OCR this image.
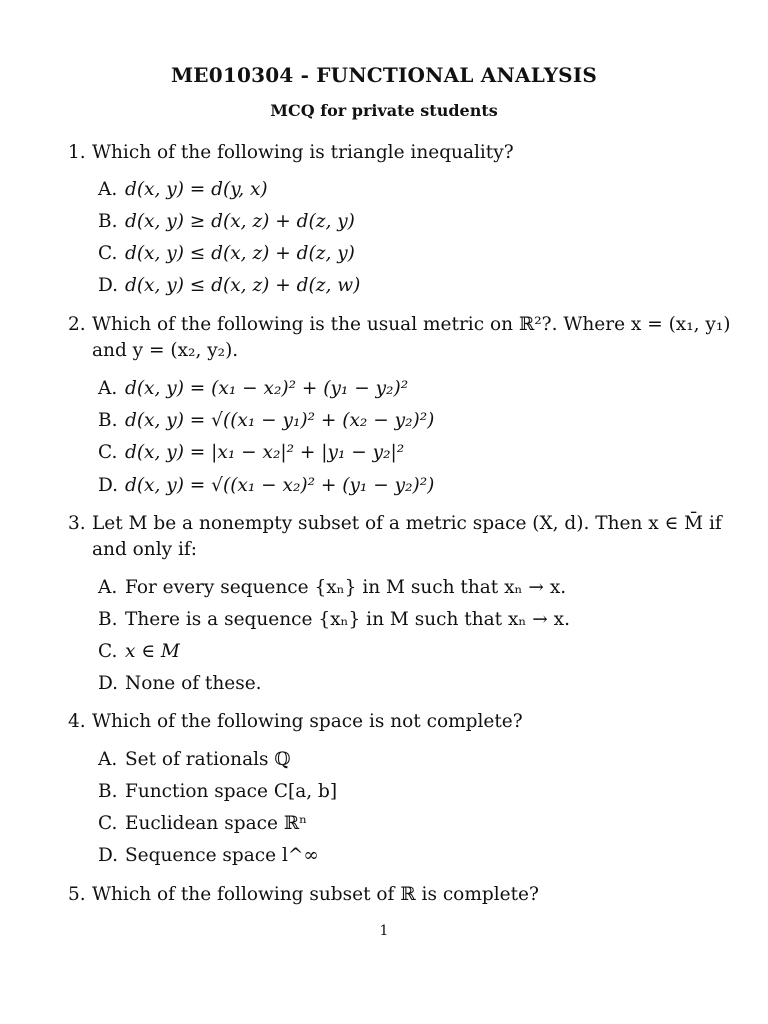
ME010304 - FUNCTIONAL ANALYSIS
MCQ for private students
1. Which of the following is triangle inequality?
A. d(x, y) = d(y, x)
B. d(x, y) ≥ d(x, z) + d(z, y)
C. d(x, y) ≤ d(x, z) + d(z, y)
D. d(x, y) ≤ d(x, z) + d(z, w)
2. Which of the following is the usual metric on ℝ²?. Where x = (x₁, y₁)
and y = (x₂, y₂).
A. d(x, y) = (x₁ − x₂)² + (y₁ − y₂)²
B. d(x, y) = √((x₁ − y₁)² + (x₂ − y₂)²)
C. d(x, y) = |x₁ − x₂|² + |y₁ − y₂|²
D. d(x, y) = √((x₁ − x₂)² + (y₁ − y₂)²)
3. Let M be a nonempty subset of a metric space (X, d). Then x ∈ M̄ if
and only if:
A. For every sequence {xₙ} in M such that xₙ → x.
B. There is a sequence {xₙ} in M such that xₙ → x.
C. x ∈ M
D. None of these.
4. Which of the following space is not complete?
A. Set of rationals ℚ
B. Function space C[a, b]
C. Euclidean space ℝⁿ
D. Sequence space l^∞
5. Which of the following subset of ℝ is complete?
1
